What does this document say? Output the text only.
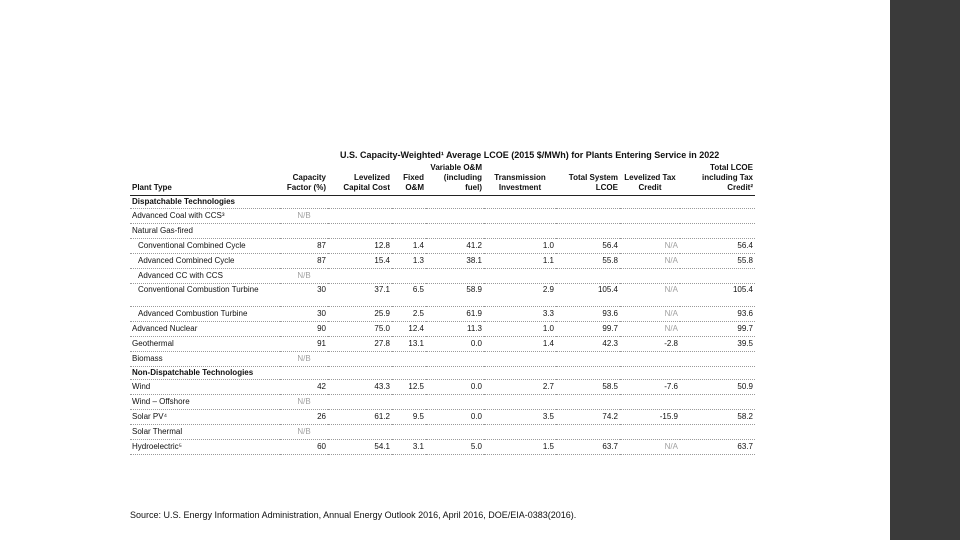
U.S. Capacity-Weighted¹ Average LCOE (2015 $/MWh) for Plants Entering Service in 2022
Plant Type	Capacity Factor (%)	Levelized Capital Cost	Fixed O&M	Variable O&M (including fuel)	Transmission Investment	Total System LCOE	Levelized Tax Credit	Total LCOE including Tax Credit²
Dispatchable Technologies								
Advanced Coal with CCS³	N/B							
Natural Gas-fired								
Conventional Combined Cycle	87	12.8	1.4	41.2	1.0	56.4	N/A	56.4
Advanced Combined Cycle	87	15.4	1.3	38.1	1.1	55.8	N/A	55.8
Advanced CC with CCS	N/B							
Conventional Combustion Turbine	30	37.1	6.5	58.9	2.9	105.4	N/A	105.4
Advanced Combustion Turbine	30	25.9	2.5	61.9	3.3	93.6	N/A	93.6
Advanced Nuclear	90	75.0	12.4	11.3	1.0	99.7	N/A	99.7
Geothermal	91	27.8	13.1	0.0	1.4	42.3	-2.8	39.5
Biomass	N/B							
Non-Dispatchable Technologies								
Wind	42	43.3	12.5	0.0	2.7	58.5	-7.6	50.9
Wind – Offshore	N/B							
Solar PV⁴	26	61.2	9.5	0.0	3.5	74.2	-15.9	58.2
Solar Thermal	N/B							
Hydroelectric⁵	60	54.1	3.1	5.0	1.5	63.7	N/A	63.7
Source: U.S. Energy Information Administration, Annual Energy Outlook 2016, April 2016, DOE/EIA-0383(2016).
